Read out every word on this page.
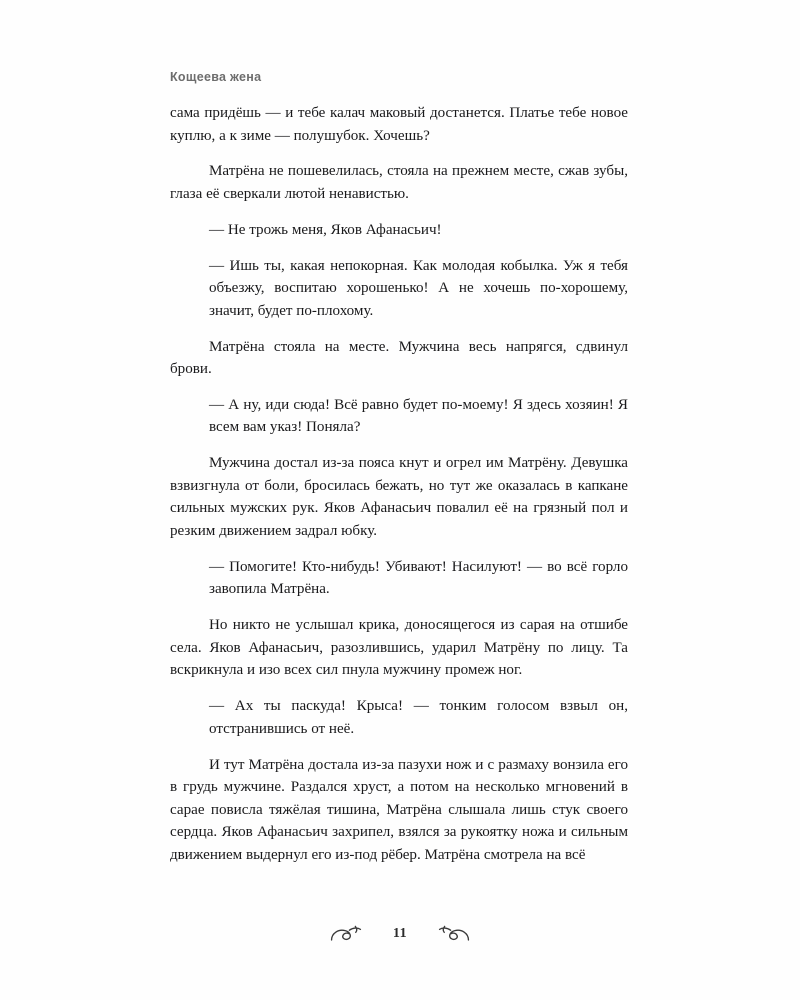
Кощеева жена

сама придёшь — и тебе калач маковый достанется. Платье тебе новое куплю, а к зиме — полушубок. Хочешь?

Матрёна не пошевелилась, стояла на прежнем месте, сжав зубы, глаза её сверкали лютой ненавистью.

— Не трожь меня, Яков Афанасьич!

— Ишь ты, какая непокорная. Как молодая кобылка. Уж я тебя объезжу, воспитаю хорошенько! А не хочешь по-хорошему, значит, будет по-плохому.

Матрёна стояла на месте. Мужчина весь напрягся, сдвинул брови.

— А ну, иди сюда! Всё равно будет по-моему! Я здесь хозяин! Я всем вам указ! Поняла?

Мужчина достал из-за пояса кнут и огрел им Матрёну. Девушка взвизгнула от боли, бросилась бежать, но тут же оказалась в капкане сильных мужских рук. Яков Афанасьич повалил её на грязный пол и резким движением задрал юбку.

— Помогите! Кто-нибудь! Убивают! Насилуют! — во всё горло завопила Матрёна.

Но никто не услышал крика, доносящегося из сарая на отшибе села. Яков Афанасьич, разозлившись, ударил Матрёну по лицу. Та вскрикнула и изо всех сил пнула мужчину промеж ног.

— Ах ты паскуда! Крыса! — тонким голосом взвыл он, отстранившись от неё.

И тут Матрёна достала из-за пазухи нож и с размаху вонзила его в грудь мужчине. Раздался хруст, а потом на несколько мгновений в сарае повисла тяжёлая тишина, Матрёна слышала лишь стук своего сердца. Яков Афанасьич захрипел, взялся за рукоятку ножа и сильным движением выдернул его из-под рёбер. Матрёна смотрела на всё

11
